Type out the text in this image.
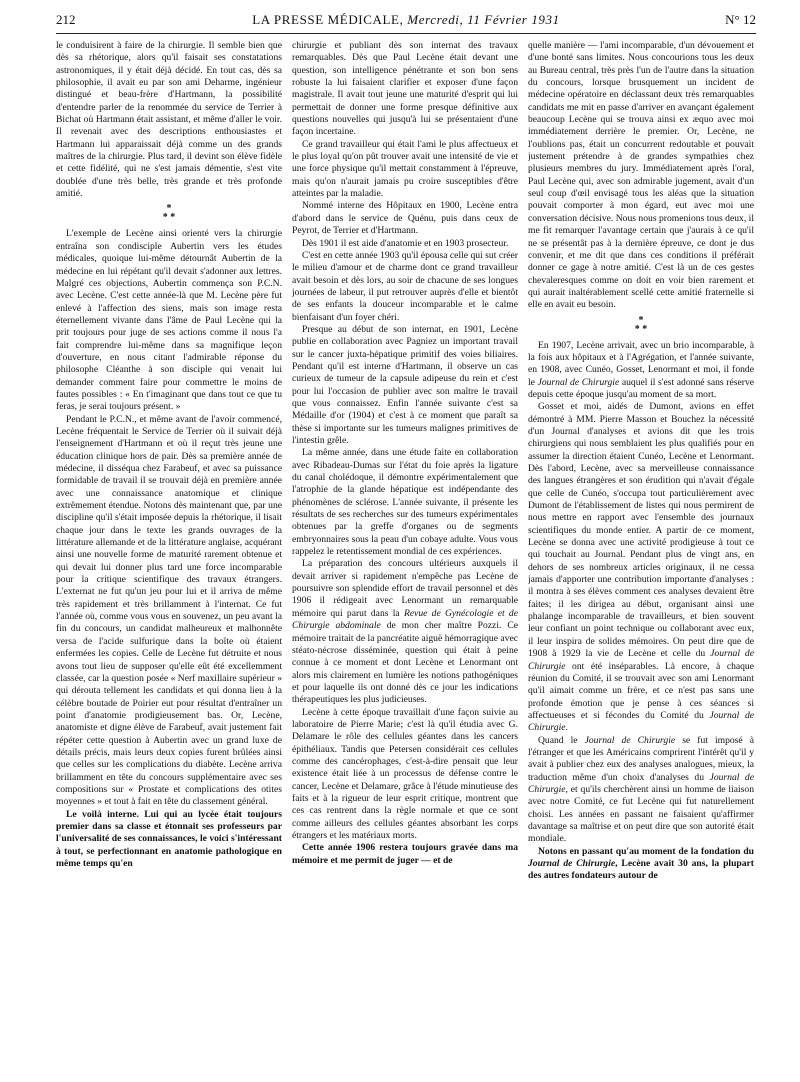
212	LA PRESSE MÉDICALE, Mercredi, 11 Février 1931	N° 12

le conduisirent à faire de la chirurgie. Il semble bien que dès sa rhétorique, alors qu'il faisait ses constatations astronomiques, il y était déjà décidé. En tout cas, dès sa philosophie, il avait eu par son ami Deharme, ingénieur distingué et beau-frère d'Hartmann, la possibilité d'entendre parler de la renommée du service de Terrier à Bichat où Hartmann était assistant, et même d'aller le voir. Il revenait avec des descriptions enthousiastes et Hartmann lui apparaissait déjà comme un des grands maîtres de la chirurgie. Plus tard, il devint son élève fidèle et cette fidélité, qui ne s'est jamais démentie, s'est vite doublée d'une très belle, très grande et très profonde amitié.

*
* *

L'exemple de Lecène ainsi orienté vers la chirurgie entraîna son condisciple Aubertin vers les études médicales, quoique lui-même détournât Aubertin de la médecine en lui répétant qu'il devait s'adonner aux lettres. Malgré ces objections, Aubertin commença son P.C.N. avec Lecène. C'est cette année-là que M. Lecène père fut enlevé à l'affection des siens, mais son image resta éternellement vivante dans l'âme de Paul Lecène qui la prit toujours pour juge de ses actions comme il nous l'a fait comprendre lui-même dans sa magnifique leçon d'ouverture, en nous citant l'admirable réponse du philosophe Cléanthe à son disciple qui venait lui demander comment faire pour commettre le moins de fautes possibles : « En t'imaginant que dans tout ce que tu feras, je serai toujours présent. »

Pendant le P.C.N., et même avant de l'avoir commencé, Lecène fréquentait le Service de Terrier où il suivait déjà l'enseignement d'Hartmann et où il reçut très jeune une éducation clinique hors de pair. Dès sa première année de médecine, il disséqua chez Farabeuf, et avec sa puissance formidable de travail il se trouvait déjà en première année avec une connaissance anatomique et clinique extrêmement étendue. Notons dès maintenant que, par une discipline qu'il s'était imposée depuis la rhétorique, il lisait chaque jour dans le texte les grands ouvrages de la littérature allemande et de la littérature anglaise, acquérant ainsi une nouvelle forme de maturité rarement obtenue et qui devait lui donner plus tard une force incomparable pour la critique scientifique des travaux étrangers. L'externat ne fut qu'un jeu pour lui et il arriva de même très rapidement et très brillamment à l'internat. Ce fut l'année où, comme vous vous en souvenez, un peu avant la fin du concours, un candidat malheureux et malhonnête versa de l'acide sulfurique dans la boîte où étaient enfermées les copies. Celle de Lecène fut détruite et nous avons tout lieu de supposer qu'elle eût été excellemment classée, car la question posée « Nerf maxillaire supérieur » qui dérouta tellement les candidats et qui donna lieu à la célèbre boutade de Poirier eut pour résultat d'entraîner un point d'anatomie prodigieusement bas. Or, Lecène, anatomiste et digne élève de Farabeuf, avait justement fait répéter cette question à Aubertin avec un grand luxe de détails précis, mais leurs deux copies furent brûlées ainsi que celles sur les complications du diabète. Lecène arriva brillamment en tête du concours supplémentaire avec ses compositions sur « Prostate et complications des otites moyennes » et tout à fait en tête du classement général.

Le voilà interne. Lui qui au lycée était toujours premier dans sa classe et étonnait ses professeurs par l'universalité de ses connaissances, le voici s'intéressant à tout, se perfectionnant en anatomie pathologique en même temps qu'en

chirurgie et publiant dès son internat des travaux remarquables. Dès que Paul Lecène était devant une question, son intelligence pénétrante et son bon sens robuste la lui faisaient clarifier et exposer d'une façon magistrale. Il avait tout jeune une maturité d'esprit qui lui permettait de donner une forme presque définitive aux questions nouvelles qui jusqu'à lui se présentaient d'une façon incertaine.

Ce grand travailleur qui était l'ami le plus affectueux et le plus loyal qu'on pût trouver avait une intensité de vie et une force physique qu'il mettait constamment à l'épreuve, mais qu'on n'aurait jamais pu croire susceptibles d'être atteintes par la maladie.

Nommé interne des Hôpitaux en 1900, Lecène entra d'abord dans le service de Quénu, puis dans ceux de Peyrot, de Terrier et d'Hartmann.

Dès 1901 il est aide d'anatomie et en 1903 prosecteur.

C'est en cette année 1903 qu'il épousa celle qui sut créer le milieu d'amour et de charme dont ce grand travailleur avait besoin et dès lors, au soir de chacune de ses longues journées de labeur, il put retrouver auprès d'elle et bientôt de ses enfants la douceur incomparable et le calme bienfaisant d'un foyer chéri.

Presque au début de son internat, en 1901, Lecène publie en collaboration avec Pagniez un important travail sur le cancer juxta-hépatique primitif des voies biliaires. Pendant qu'il est interne d'Hartmann, il observe un cas curieux de tumeur de la capsule adipeuse du rein et c'est pour lui l'occasion de publier avec son maître le travail que vous connaissez. Enfin l'année suivante c'est sa Médaille d'or (1904) et c'est à ce moment que paraît sa thèse si importante sur les tumeurs malignes primitives de l'intestin grêle.

La même année, dans une étude faite en collaboration avec Ribadeau-Dumas sur l'état du foie après la ligature du canal cholédoque, il démontre expérimentalement que l'atrophie de la glande hépatique est indépendante des phénomènes de sclérose. L'année suivante, il présente les résultats de ses recherches sur des tumeurs expérimentales obtenues par la greffe d'organes ou de segments embryonnaires sous la peau d'un cobaye adulte. Vous vous rappelez le retentissement mondial de ces expériences.

La préparation des concours ultérieurs auxquels il devait arriver si rapidement n'empêche pas Lecène de poursuivre son splendide effort de travail personnel et dès 1906 il rédigeait avec Lenormant un remarquable mémoire qui parut dans la Revue de Gynécologie et de Chirurgie abdominale de mon cher maître Pozzi. Ce mémoire traitait de la pancréatite aiguë hémorragique avec stéato-nécrose disséminée, question qui était à peine connue à ce moment et dont Lecène et Lenormant ont alors mis clairement en lumière les notions pathogéniques et pour laquelle ils ont donné dès ce jour les indications thérapeutiques les plus judicieuses.

Lecène à cette époque travaillait d'une façon suivie au laboratoire de Pierre Marie; c'est là qu'il étudia avec G. Delamare le rôle des cellules géantes dans les cancers épithéliaux. Tandis que Petersen considérait ces cellules comme des cancérophages, c'est-à-dire pensait que leur existence était liée à un processus de défense contre le cancer, Lecène et Delamare, grâce à l'étude minutieuse des faits et à la rigueur de leur esprit critique, montrent que ces cas rentrent dans la règle normale et que ce sont comme ailleurs des cellules géantes absorbant les corps étrangers et les matériaux morts.

Cette année 1906 restera toujours gravée dans ma mémoire et me permit de juger — et de

quelle manière — l'ami incomparable, d'un dévouement et d'une bonté sans limites. Nous concourions tous les deux au Bureau central, très près l'un de l'autre dans la situation du concours, lorsque brusquement un incident de médecine opératoire en déclassant deux très remarquables candidats me mit en passe d'arriver en avançant également beaucoup Lecène qui se trouva ainsi ex æquo avec moi immédiatement derrière le premier. Or, Lecène, ne l'oublions pas, était un concurrent redoutable et pouvait justement prétendre à de grandes sympathies chez plusieurs membres du jury. Immédiatement après l'oral, Paul Lecène qui, avec son admirable jugement, avait d'un seul coup d'œil envisagé tous les aléas que la situation pouvait comporter à mon égard, eut avec moi une conversation décisive. Nous nous promenions tous deux, il me fit remarquer l'avantage certain que j'aurais à ce qu'il ne se présentât pas à la dernière épreuve, ce dont je dus convenir, et me dit que dans ces conditions il préférait donner ce gage à notre amitié. C'est là un de ces gestes chevaleresques comme on doit en voir bien rarement et qui aurait inaltérablement scellé cette amitié fraternelle si elle en avait eu besoin.

*
* *

En 1907, Lecène arrivait, avec un brio incomparable, à la fois aux hôpitaux et à l'Agrégation, et l'année suivante, en 1908, avec Cunéo, Gosset, Lenormant et moi, il fonde le Journal de Chirurgie auquel il s'est adonné sans réserve depuis cette époque jusqu'au moment de sa mort.

Gosset et moi, aidés de Dumont, avions en effet démontré à MM. Pierre Masson et Bouchez la nécessité d'un Journal d'analyses et avions dit que les trois chirurgiens qui nous semblaient les plus qualifiés pour en assumer la direction étaient Cunéo, Lecène et Lenormant. Dès l'abord, Lecène, avec sa merveilleuse connaissance des langues étrangères et son érudition qui n'avait d'égale que celle de Cunéo, s'occupa tout particulièrement avec Dumont de l'établissement de listes qui nous permirent de nous mettre en rapport avec l'ensemble des journaux scientifiques du monde entier. A partir de ce moment, Lecène se donna avec une activité prodigieuse à tout ce qui touchait au Journal. Pendant plus de vingt ans, en dehors de ses nombreux articles originaux, il ne cessa jamais d'apporter une contribution importante d'analyses : il montra à ses élèves comment ces analyses devaient être faites; il les dirigea au début, organisant ainsi une phalange incomparable de travailleurs, et bien souvent leur confiant un point technique ou collaborant avec eux, il leur inspira de solides mémoires. On peut dire que de 1908 à 1929 la vie de Lecène et celle du Journal de Chirurgie ont été inséparables. Là encore, à chaque réunion du Comité, il se trouvait avec son ami Lenormant qu'il aimait comme un frère, et ce n'est pas sans une profonde émotion que je pense à ces séances si affectueuses et si fécondes du Comité du Journal de Chirurgie.

Quand le Journal de Chirurgie se fut imposé à l'étranger et que les Américains comprirent l'intérêt qu'il y avait à publier chez eux des analyses analogues, mieux, la traduction même d'un choix d'analyses du Journal de Chirurgie, et qu'ils cherchèrent ainsi un homme de liaison avec notre Comité, ce fut Lecène qui fut naturellement choisi. Les années en passant ne faisaient qu'affirmer davantage sa maîtrise et on peut dire que son autorité était mondiale.

Notons en passant qu'au moment de la fondation du Journal de Chirurgie, Lecène avait 30 ans, la plupart des autres fondateurs autour de
